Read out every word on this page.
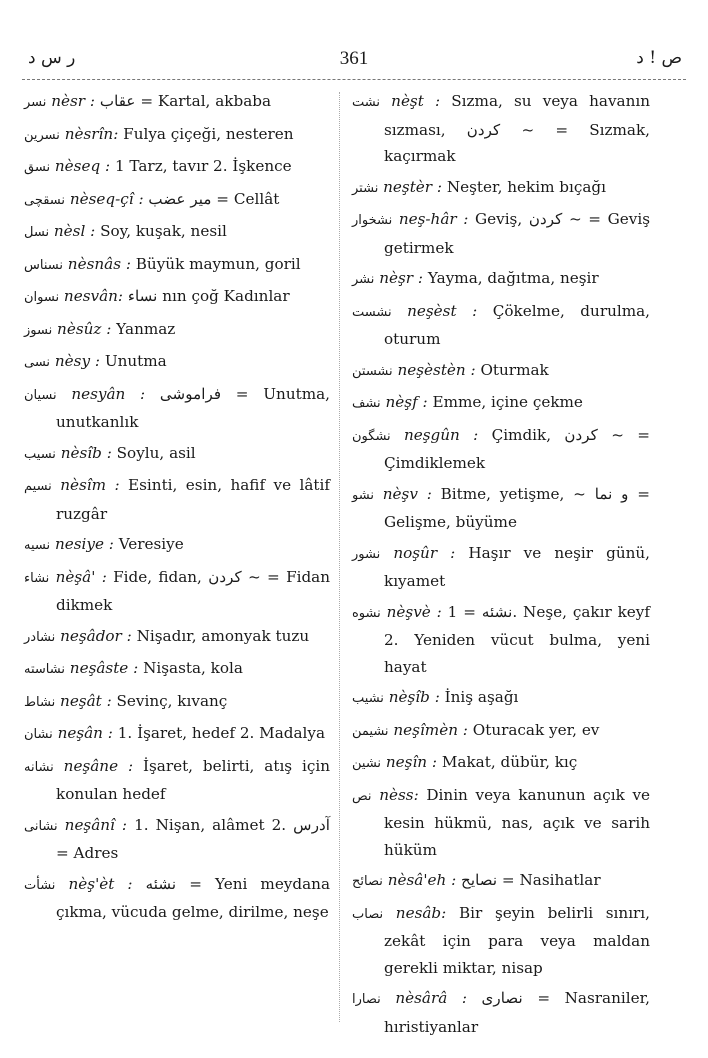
ر س د	361	ص ! د
نسر nèsr : عقاب = Kartal, akbaba
نسرين nèsrîn: Fulya çiçeği, nesteren
نسق nèseq : 1 Tarz, tavır 2. İşkence
نسقچى nèseq-çî : مير عضب = Cellât
نسل nèsl : Soy, kuşak, nesil
نسناس nèsnâs : Büyük maymun, goril
نسوان nesvân: نساء nın çoğ Kadınlar
نسوز nèsûz : Yanmaz
نسى nèsy : Unutma
نسيان nesyân : فراموشى = Unutma, unutkanlık
نسيب nèsîb : Soylu, asil
نسيم nèsîm : Esinti, esin, hafif ve lâtif ruzgâr
نسيه nesiye : Veresiye
نشاء nèşâ' : Fide, fidan, كردن ~ = Fidan dikmek
نشادر neşâdor : Nişadır, amonyak tuzu
نشاسته neşâste : Nişasta, kola
نشاط neşât : Sevinç, kıvanç
نشان neşân : 1. İşaret, hedef 2. Madalya
نشانه neşâne : İşaret, belirti, atış için konulan hedef
نشانى neşânî : 1. Nişan, alâmet 2. آدرس = Adres
نشأت nèş'èt : نشئه = Yeni meydana çıkma, vücuda gelme, dirilme, neşe
نشت nèşt : Sızma, su veya havanın sızması, كردن ~ = Sızmak, kaçırmak
نشتر neştèr : Neşter, hekim bıçağı
نشخوار neş-hâr : Geviş, كردن ~ = Geviş getirmek
نشر nèşr : Yayma, dağıtma, neşir
نشست neşèst : Çökelme, durulma, oturum
نشستن neşèstèn : Oturmak
نشف nèşf : Emme, içine çekme
نشگون neşgûn : Çimdik, كردن ~ = Çimdiklemek
نشو nèşv : Bitme, yetişme, ~ و نما = Gelişme, büyüme
نشور noşûr : Haşır ve neşir günü, kıyamet
نشوه nèşvè : نشئه = 1. Neşe, çakır keyf 2. Yeniden vücut bulma, yeni hayat
نشيب nèşîb : İniş aşağı
نشيمن neşîmèn : Oturacak yer, ev
نشين neşîn : Makat, dübür, kıç
نص nèss: Dinin veya kanunun açık ve kesin hükmü, nas, açık ve sarih hüküm
نصائح nèsâ'eh : نصايح = Nasihatlar
نصاب nesâb: Bir şeyin belirli sınırı, zekât için para veya maldan gerekli miktar, nisap
نصارا nèsârâ : نصارى = Nasraniler, hıristiyanlar
